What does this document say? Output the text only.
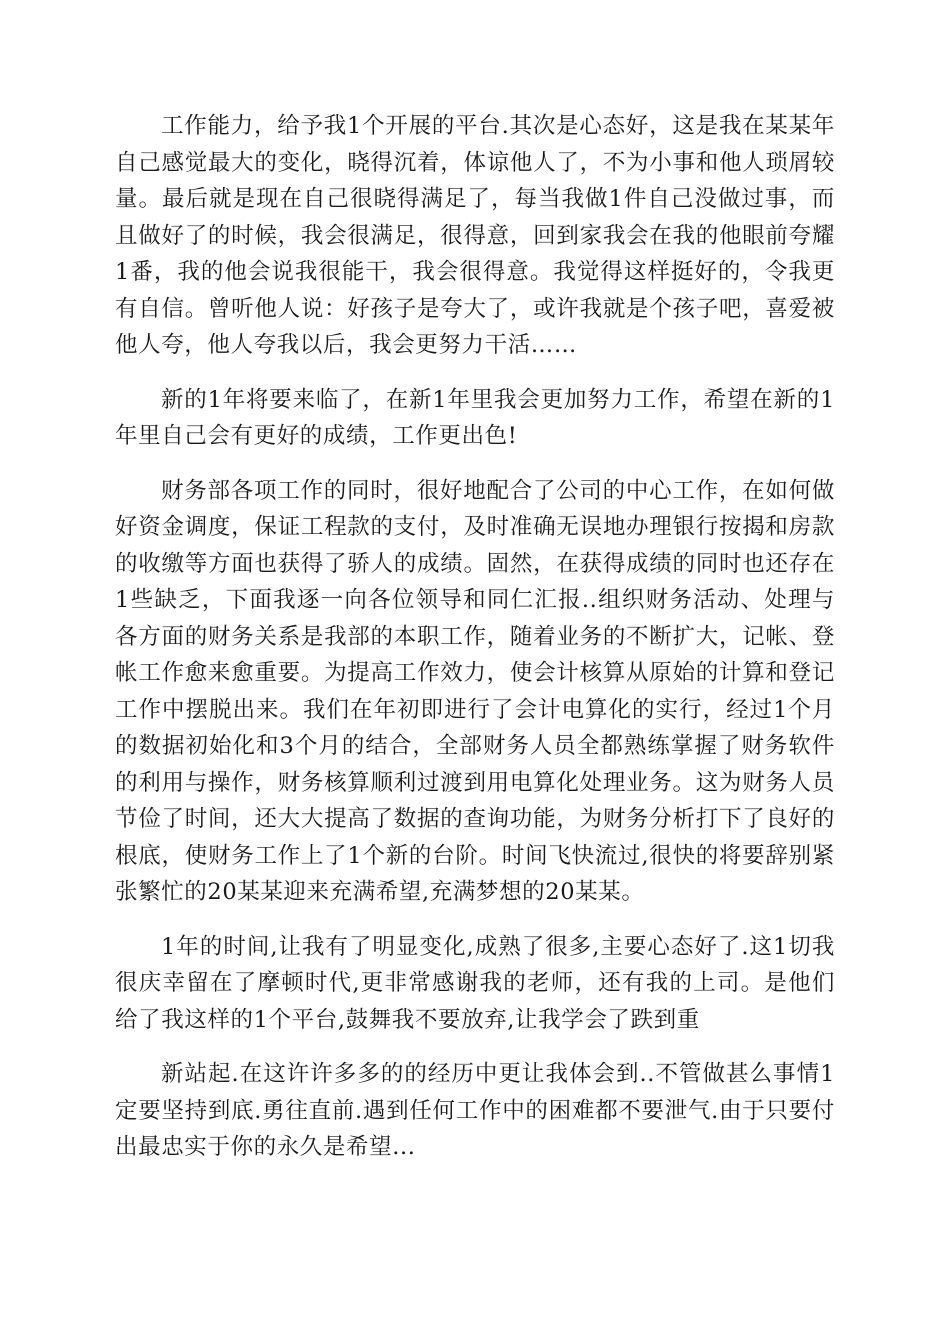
工作能力，给予我1个开展的平台.其次是心态好，这是我在某某年自己感觉最大的变化，晓得沉着，体谅他人了，不为小事和他人琐屑较量。最后就是现在自己很晓得满足了，每当我做1件自己没做过事，而且做好了的时候，我会很满足，很得意，回到家我会在我的他眼前夸耀1番，我的他会说我很能干，我会很得意。我觉得这样挺好的，令我更有自信。曾听他人说：好孩子是夸大了，或许我就是个孩子吧，喜爱被他人夸，他人夸我以后，我会更努力干活……

新的1年将要来临了，在新1年里我会更加努力工作，希望在新的1年里自己会有更好的成绩，工作更出色!

财务部各项工作的同时，很好地配合了公司的中心工作，在如何做好资金调度，保证工程款的支付，及时准确无误地办理银行按揭和房款的收缴等方面也获得了骄人的成绩。固然，在获得成绩的同时也还存在1些缺乏，下面我逐一向各位领导和同仁汇报..组织财务活动、处理与各方面的财务关系是我部的本职工作，随着业务的不断扩大，记帐、登帐工作愈来愈重要。为提高工作效力，使会计核算从原始的计算和登记工作中摆脱出来。我们在年初即进行了会计电算化的实行，经过1个月的数据初始化和3个月的结合，全部财务人员全都熟练掌握了财务软件的利用与操作，财务核算顺利过渡到用电算化处理业务。这为财务人员节俭了时间，还大大提高了数据的查询功能，为财务分析打下了良好的根底，使财务工作上了1个新的台阶。时间飞快流过,很快的将要辞别紧张繁忙的20某某迎来充满希望,充满梦想的20某某。

1年的时间,让我有了明显变化,成熟了很多,主要心态好了.这1切我很庆幸留在了摩顿时代,更非常感谢我的老师，还有我的上司。是他们给了我这样的1个平台,鼓舞我不要放弃,让我学会了跌到重

新站起.在这许许多多的的经历中更让我体会到..不管做甚么事情1定要坚持到底.勇往直前.遇到任何工作中的困难都不要泄气.由于只要付出最忠实于你的永久是希望...
